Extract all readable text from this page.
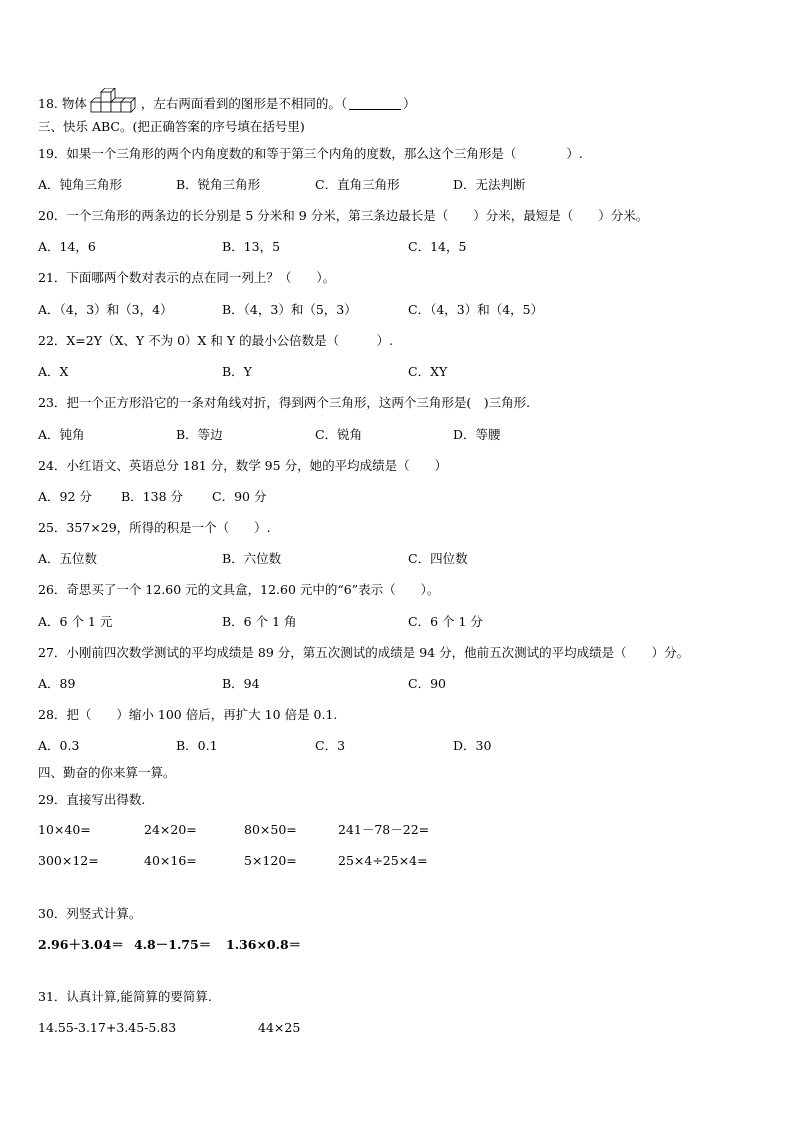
18. 物体	，左右两面看到的图形是不相同的。（	）
三、快乐 ABC。(把正确答案的序号填在括号里)
19．如果一个三角形的两个内角度数的和等于第三个内角的度数，那么这个三角形是（　　　　）.
A．钝角三角形	B．锐角三角形	C．直角三角形	D．无法判断
20．一个三角形的两条边的长分别是 5 分米和 9 分米，第三条边最长是（　　）分米，最短是（　　）分米。
A．14，6	B．13，5	C．14，5
21．下面哪两个数对表示的点在同一列上？（　　）。
A．（4，3）和（3，4）	B．（4，3）和（5，3）	C．（4，3）和（4，5）
22．X=2Y（X、Y 不为 0）X 和 Y 的最小公倍数是（　　　）.
A．X	B．Y	C．XY
23．把一个正方形沿它的一条对角线对折，得到两个三角形，这两个三角形是(　)三角形.
A．钝角	B．等边	C．锐角	D．等腰
24．小红语文、英语总分 181 分，数学 95 分，她的平均成绩是（　　）
A．92 分 B．138 分 C．90 分
25．357×29，所得的积是一个（　　）.
A．五位数	B．六位数	C．四位数
26．奇思买了一个 12.60 元的文具盒，12.60 元中的“6”表示（　　）。
A．6 个 1 元	B．6 个 1 角	C．6 个 1 分
27．小刚前四次数学测试的平均成绩是 89 分，第五次测试的成绩是 94 分，他前五次测试的平均成绩是（　　）分。
A．89	B．94	C．90
28．把（　　）缩小 100 倍后，再扩大 10 倍是 0.1.
A．0.3	B．0.1	C．3	D．30
四、勤奋的你来算一算。
29．直接写出得数.
10×40=	24×20=	80×50=	241－78－22=
300×12=	40×16=	5×120=	25×4÷25×4=
30．列竖式计算。
2.96＋3.04＝ 4.8－1.75＝ 1.36×0.8＝
31．认真计算,能简算的要简算.
14.55-3.17+3.45-5.83	44×25
